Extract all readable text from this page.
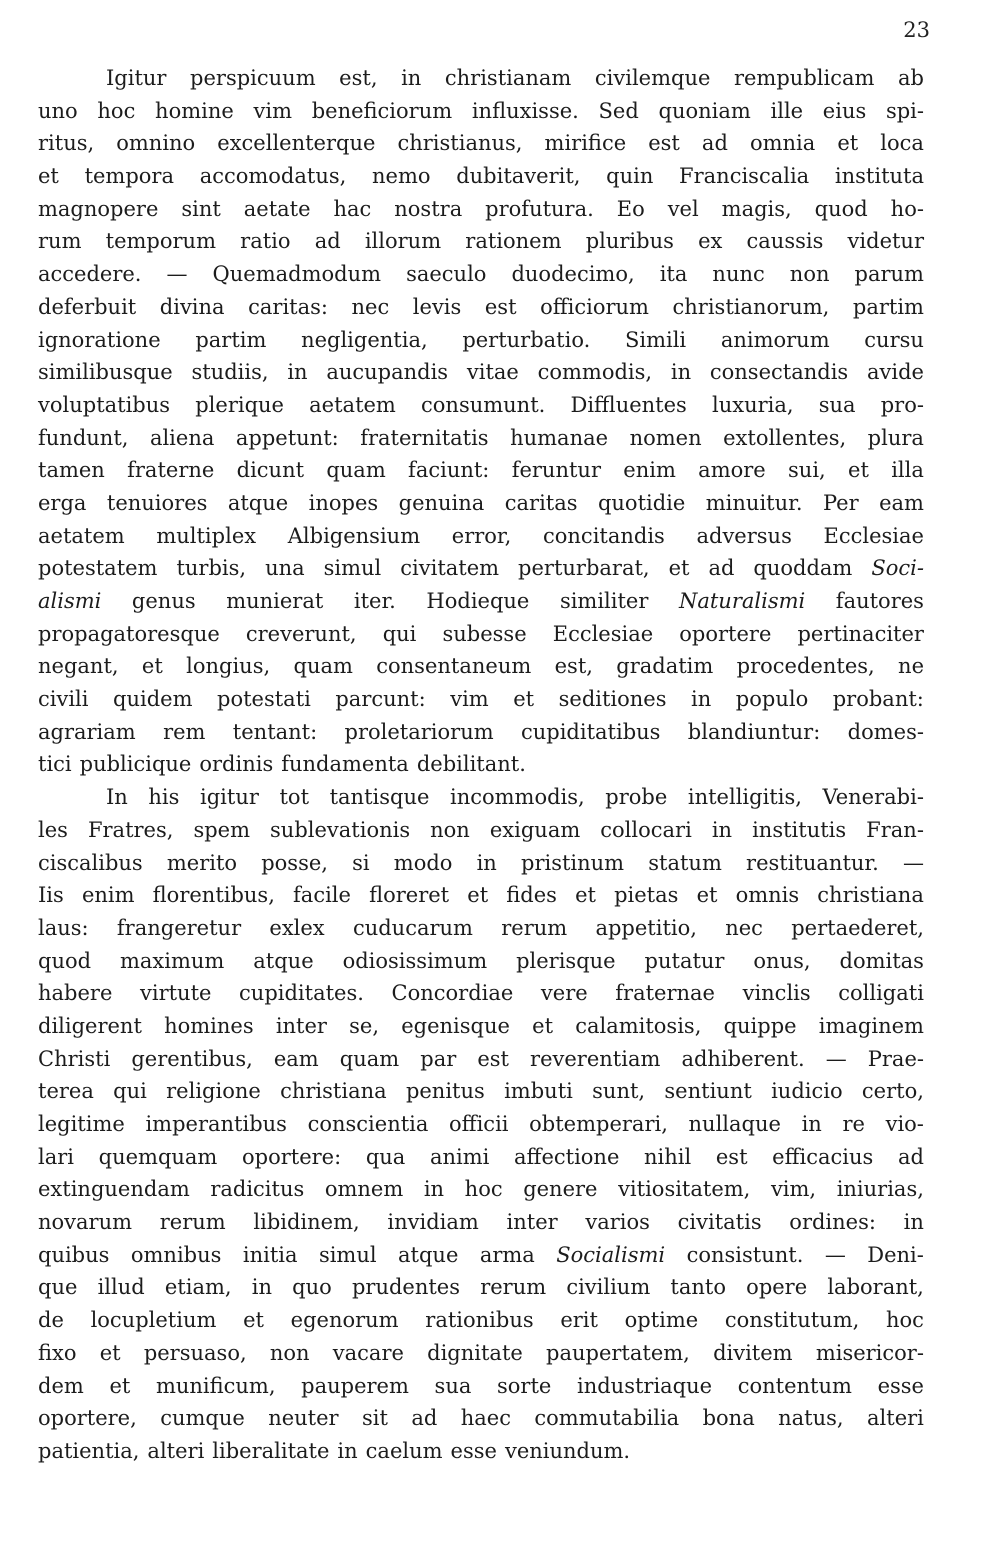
23
Igitur perspicuum est, in christianam civilemque rempublicam ab
uno hoc homine vim beneficiorum influxisse. Sed quoniam ille eius spi-
ritus, omnino excellenterque christianus, mirifice est ad omnia et loca
et tempora accomodatus, nemo dubitaverit, quin Franciscalia instituta
magnopere sint aetate hac nostra profutura. Eo vel magis, quod ho-
rum temporum ratio ad illorum rationem pluribus ex caussis videtur
accedere. — Quemadmodum saeculo duodecimo, ita nunc non parum
deferbuit divina caritas: nec levis est officiorum christianorum, partim
ignoratione partim negligentia, perturbatio. Simili animorum cursu
similibusque studiis, in aucupandis vitae commodis, in consectandis avide
voluptatibus plerique aetatem consumunt. Diffluentes luxuria, sua pro-
fundunt, aliena appetunt: fraternitatis humanae nomen extollentes, plura
tamen fraterne dicunt quam faciunt: feruntur enim amore sui, et illa
erga tenuiores atque inopes genuina caritas quotidie minuitur. Per eam
aetatem multiplex Albigensium error, concitandis adversus Ecclesiae
potestatem turbis, una simul civitatem perturbarat, et ad quoddam Soci-
alismi genus munierat iter. Hodieque similiter Naturalismi fautores
propagatoresque creverunt, qui subesse Ecclesiae oportere pertinaciter
negant, et longius, quam consentaneum est, gradatim procedentes, ne
civili quidem potestati parcunt: vim et seditiones in populo probant:
agrariam rem tentant: proletariorum cupiditatibus blandiuntur: domes-
tici publicique ordinis fundamenta debilitant.
In his igitur tot tantisque incommodis, probe intelligitis, Venerabi-
les Fratres, spem sublevationis non exiguam collocari in institutis Fran-
ciscalibus merito posse, si modo in pristinum statum restituantur. —
Iis enim florentibus, facile floreret et fides et pietas et omnis christiana
laus: frangeretur exlex cuducarum rerum appetitio, nec pertaederet,
quod maximum atque odiosissimum plerisque putatur onus, domitas
habere virtute cupiditates. Concordiae vere fraternae vinclis colligati
diligerent homines inter se, egenisque et calamitosis, quippe imaginem
Christi gerentibus, eam quam par est reverentiam adhiberent. — Prae-
terea qui religione christiana penitus imbuti sunt, sentiunt iudicio certo,
legitime imperantibus conscientia officii obtemperari, nullaque in re vio-
lari quemquam oportere: qua animi affectione nihil est efficacius ad
extinguendam radicitus omnem in hoc genere vitiositatem, vim, iniurias,
novarum rerum libidinem, invidiam inter varios civitatis ordines: in
quibus omnibus initia simul atque arma Socialismi consistunt. — Deni-
que illud etiam, in quo prudentes rerum civilium tanto opere laborant,
de locupletium et egenorum rationibus erit optime constitutum, hoc
fixo et persuaso, non vacare dignitate paupertatem, divitem misericor-
dem et munificum, pauperem sua sorte industriaque contentum esse
oportere, cumque neuter sit ad haec commutabilia bona natus, alteri
patientia, alteri liberalitate in caelum esse veniundum.
